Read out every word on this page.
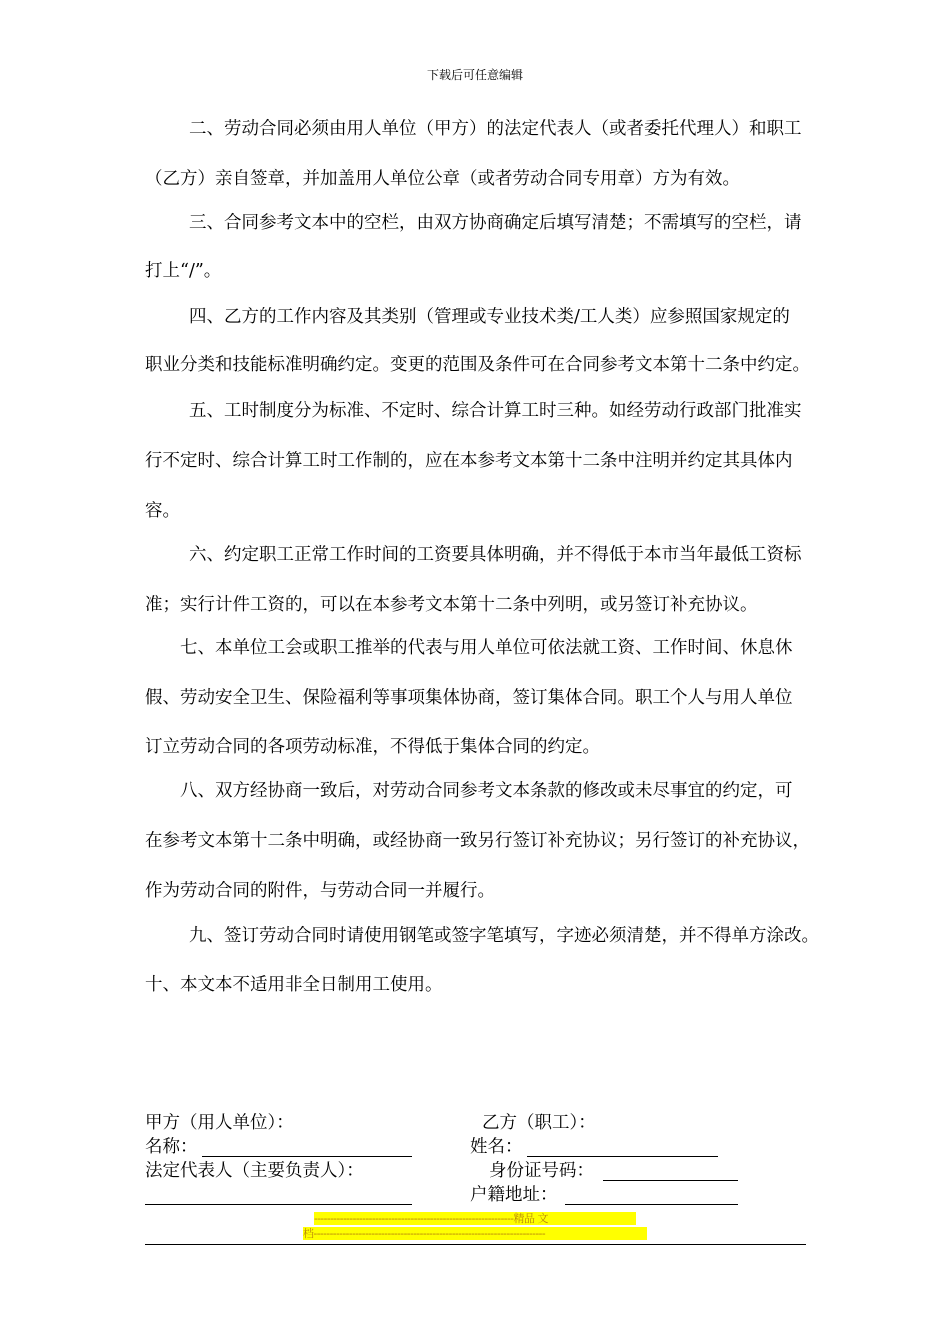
下载后可任意编辑
二、劳动合同必须由用人单位（甲方）的法定代表人（或者委托代理人）和职工
（乙方）亲自签章，并加盖用人单位公章（或者劳动合同专用章）方为有效。
三、合同参考文本中的空栏，由双方协商确定后填写清楚；不需填写的空栏，请
打上“/”。
四、乙方的工作内容及其类别（管理或专业技术类/工人类）应参照国家规定的
职业分类和技能标准明确约定。变更的范围及条件可在合同参考文本第十二条中约定。
五、工时制度分为标准、不定时、综合计算工时三种。如经劳动行政部门批准实
行不定时、综合计算工时工作制的，应在本参考文本第十二条中注明并约定其具体内
容。
六、约定职工正常工作时间的工资要具体明确，并不得低于本市当年最低工资标
准；实行计件工资的，可以在本参考文本第十二条中列明，或另签订补充协议。
七、本单位工会或职工推举的代表与用人单位可依法就工资、工作时间、休息休
假、劳动安全卫生、保险福利等事项集体协商，签订集体合同。职工个人与用人单位
订立劳动合同的各项劳动标准，不得低于集体合同的约定。
八、双方经协商一致后，对劳动合同参考文本条款的修改或未尽事宜的约定，可
在参考文本第十二条中明确，或经协商一致另行签订补充协议；另行签订的补充协议，
作为劳动合同的附件，与劳动合同一并履行。
九、签订劳动合同时请使用钢笔或签字笔填写，字迹必须清楚，并不得单方涂改。
十、本文本不适用非全日制用工使用。
甲方（用人单位）：	乙方（职工）：
名称：	姓名：
法定代表人（主要负责人）：	身份证号码：
户籍地址：
--------------------------------------------------------------精品 文
档------------------------------------------------------------------------
